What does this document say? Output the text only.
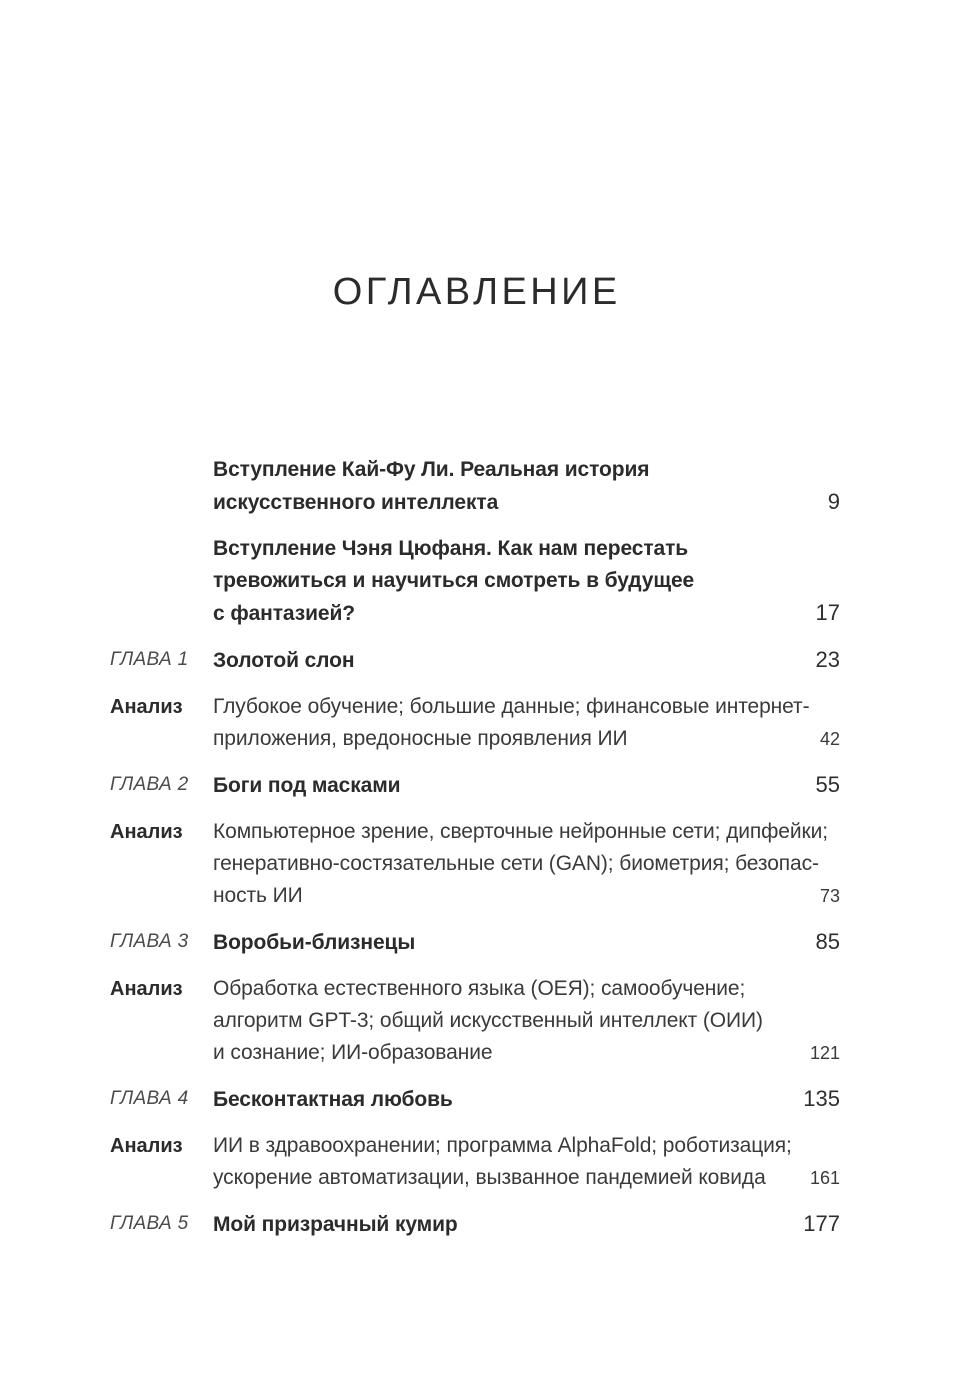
ОГЛАВЛЕНИЕ
Вступление Кай-Фу Ли. Реальная история
искусственного интеллекта	9
Вступление Чэня Цюфаня. Как нам перестать
тревожиться и научиться смотреть в будущее
с фантазией?	17
ГЛАВА 1	Золотой слон	23
Анализ	Глубокое обучение; большие данные; финансовые интернет-
приложения, вредоносные проявления ИИ	42
ГЛАВА 2	Боги под масками	55
Анализ	Компьютерное зрение, сверточные нейронные сети; дипфейки;
генеративно-состязательные сети (GAN); биометрия; безопас-
ность ИИ	73
ГЛАВА 3	Воробьи-близнецы	85
Анализ	Обработка естественного языка (ОЕЯ); самообучение;
алгоритм GPT-3; общий искусственный интеллект (ОИИ)
и сознание; ИИ-образование	121
ГЛАВА 4	Бесконтактная любовь	135
Анализ	ИИ в здравоохранении; программа AlphaFold; роботизация;
ускорение автоматизации, вызванное пандемией ковида 161
ГЛАВА 5	Мой призрачный кумир	177
